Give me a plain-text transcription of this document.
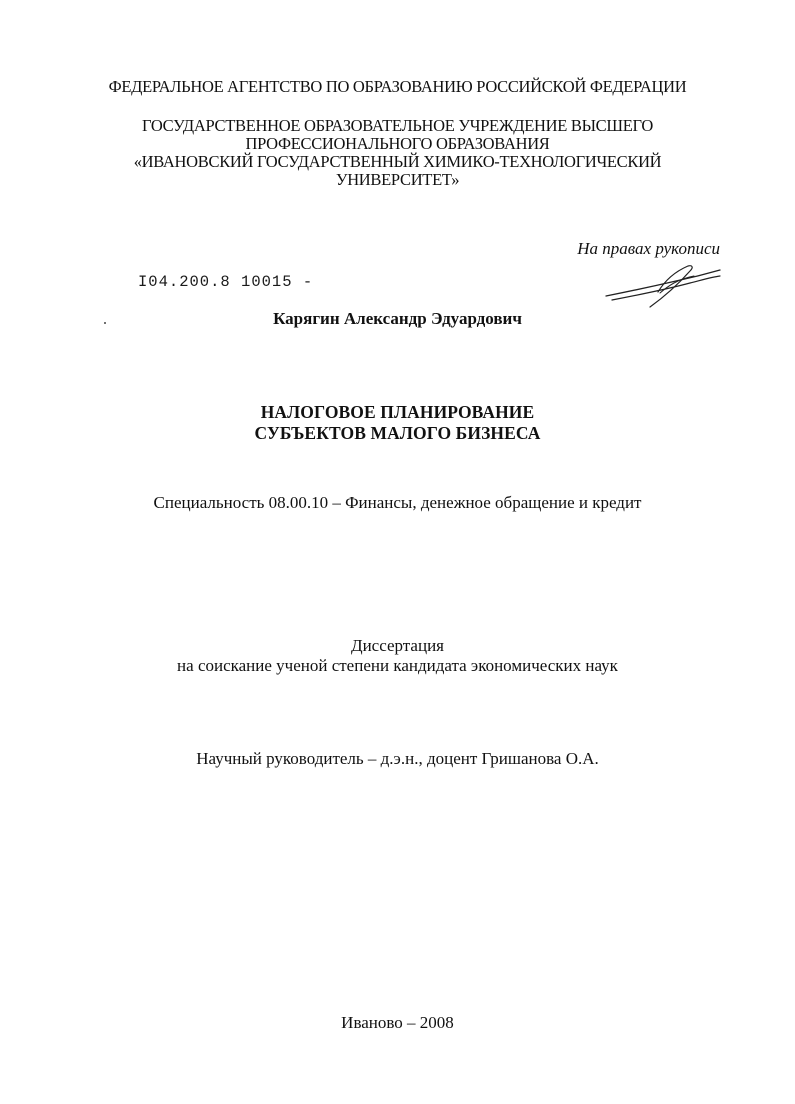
ФЕДЕРАЛЬНОЕ АГЕНТСТВО ПО ОБРАЗОВАНИЮ РОССИЙСКОЙ ФЕДЕРАЦИИ
ГОСУДАРСТВЕННОЕ ОБРАЗОВАТЕЛЬНОЕ УЧРЕЖДЕНИЕ ВЫСШЕГО
ПРОФЕССИОНАЛЬНОГО ОБРАЗОВАНИЯ
«ИВАНОВСКИЙ ГОСУДАРСТВЕННЫЙ ХИМИКО-ТЕХНОЛОГИЧЕСКИЙ
УНИВЕРСИТЕТ»
На правах рукописи
I04.200.8 10015 -
Карягин Александр Эдуардович
НАЛОГОВОЕ ПЛАНИРОВАНИЕ
СУБЪЕКТОВ МАЛОГО БИЗНЕСА
Специальность 08.00.10 – Финансы, денежное обращение и кредит
Диссертация
на соискание ученой степени кандидата экономических наук
Научный руководитель – д.э.н., доцент Гришанова О.А.
Иваново – 2008
